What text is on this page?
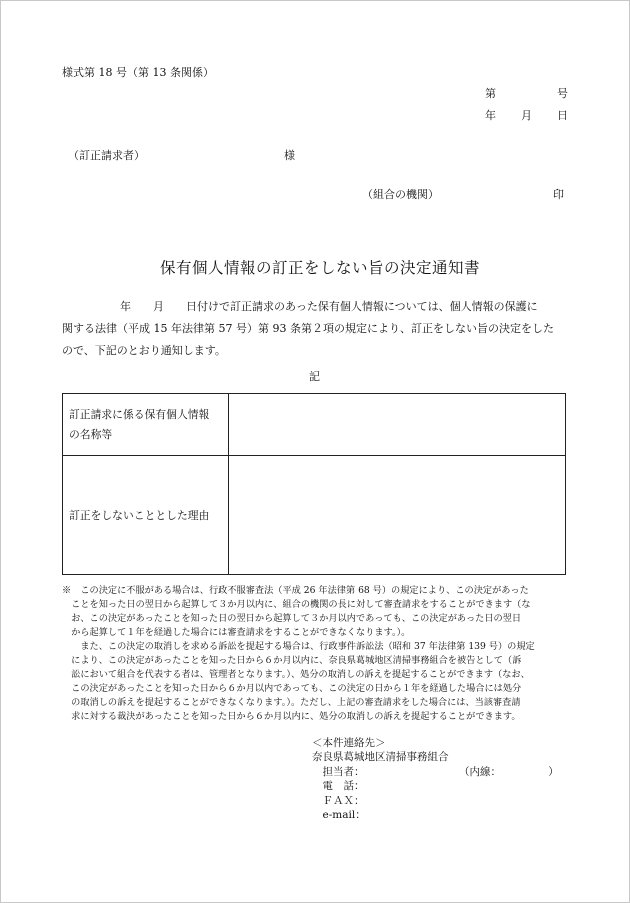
様式第 18 号（第 13 条関係）
第	号
年 月 日
（訂正請求者）	様
（組合の機関）	印
保有個人情報の訂正をしない旨の決定通知書
年　　月　　日付けで訂正請求のあった保有個人情報については、個人情報の保護に
関する法律（平成 15 年法律第 57 号）第 93 条第２項の規定により、訂正をしない旨の決定をした
ので、下記のとおり通知します。
記
訂正請求に係る保有個人情報
の名称等
訂正をしないこととした理由

※　この決定に不服がある場合は、行政不服審査法（平成 26 年法律第 68 号）の規定により、この決定があった

　ことを知った日の翌日から起算して３か月以内に、組合の機関の長に対して審査請求をすることができます（な

　お、この決定があったことを知った日の翌日から起算して３か月以内であっても、この決定があった日の翌日

　から起算して１年を経過した場合には審査請求をすることができなくなります。）。

　　また、この決定の取消しを求める訴訟を提起する場合は、行政事件訴訟法（昭和 37 年法律第 139 号）の規定

　により、この決定があったことを知った日から６か月以内に、奈良県葛城地区清掃事務組合を被告として（訴

　訟において組合を代表する者は、管理者となります。）、処分の取消しの訴えを提起することができます（なお、

　この決定があったことを知った日から６か月以内であっても、この決定の日から１年を経過した場合には処分

　の取消しの訴えを提起することができなくなります。）。ただし、上記の審査請求をした場合には、当該審査請

　求に対する裁決があったことを知った日から６か月以内に、処分の取消しの訴えを提起することができます。

＜本件連絡先＞
奈良県葛城地区清掃事務組合
　担当者：　　　　　　　　　　（内線：　　　　　）
　電　話：
　ＦＡＸ：
　e-mail：
